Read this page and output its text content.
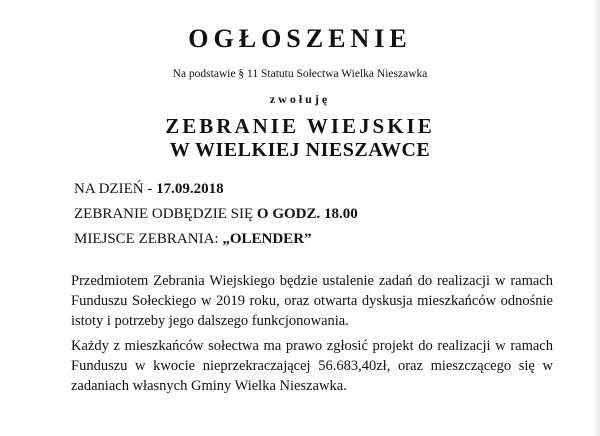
OGŁOSZENIE
Na podstawie § 11 Statutu Sołectwa Wielka Nieszawka
zwołuję
ZEBRANIE WIEJSKIE
W WIELKIEJ NIESZAWCE
NA DZIEŃ - 17.09.2018
ZEBRANIE ODBĘDZIE SIĘ O GODZ. 18.00
MIEJSCE ZEBRANIA: „OLENDER”
Przedmiotem Zebrania Wiejskiego będzie ustalenie zadań do realizacji w ramach
Funduszu Sołeckiego w 2019 roku, oraz otwarta dyskusja mieszkańców odnośnie
istoty i potrzeby jego dalszego funkcjonowania.
Każdy z mieszkańców sołectwa ma prawo zgłosić projekt do realizacji w ramach
Funduszu w kwocie nieprzekraczającej 56.683,40zł, oraz mieszczącego się w
zadaniach własnych Gminy Wielka Nieszawka.
